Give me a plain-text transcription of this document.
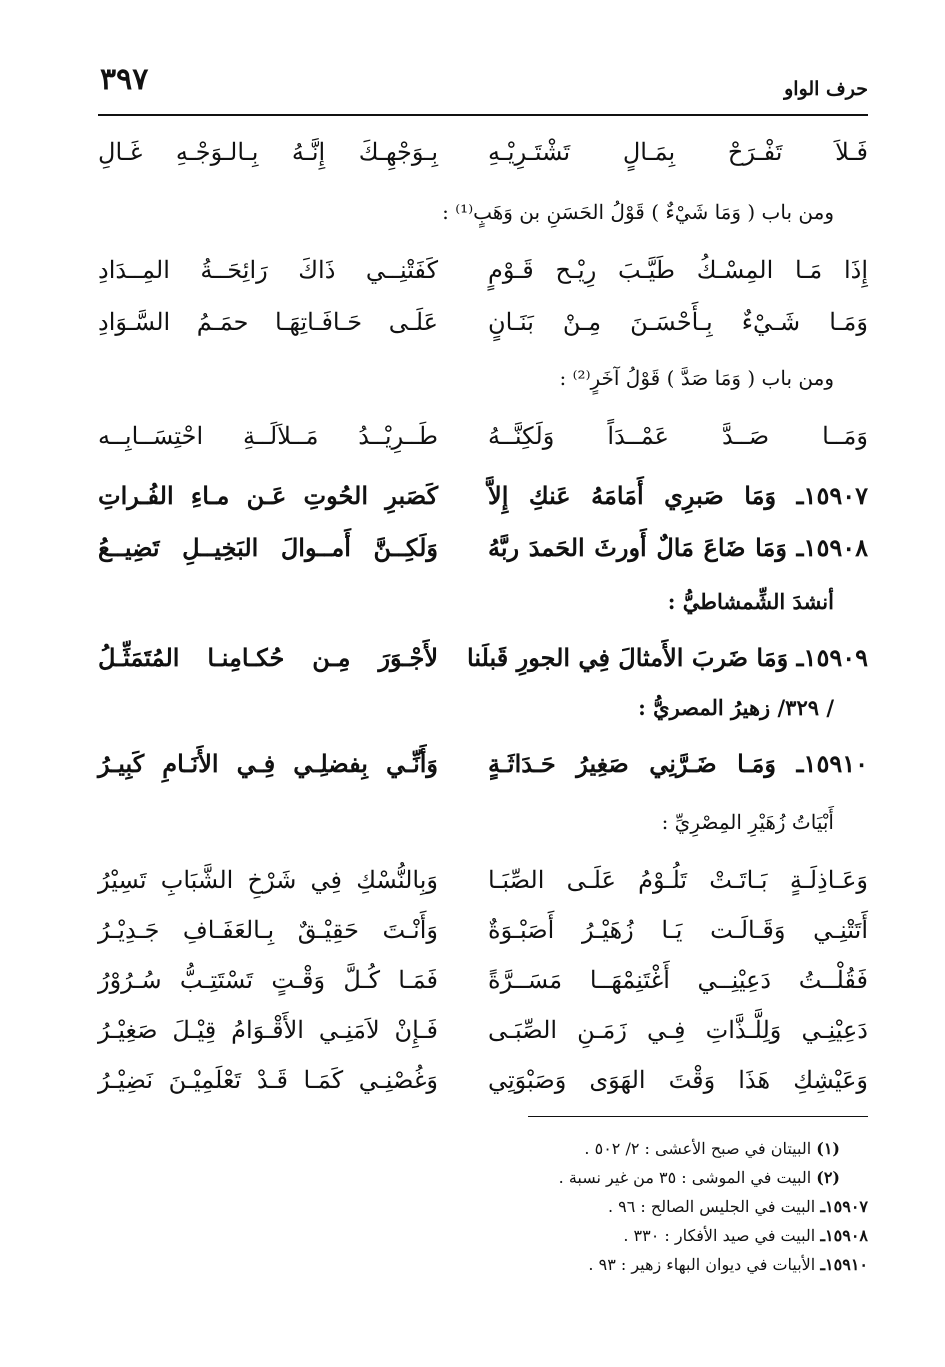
حرف الواو
٣٩٧
فَـلاَ تَفْـرَحْ بِمَـالٍ تَشْتَـرِيْـهِ
بِـوَجْهِـكَ إِنَّـهُ بِـالـوَجْـهِ غَـالِ
ومن باب ( وَمَا شَيْءٌ ) قَوْلُ الحَسَنِ بن وَهَبٍ⁽¹⁾ :
إِذَا مَـا المِسْـكُ طَيَّـبَ رِيْـح قَـوْمٍ
كَفَتْنِــي ذَاكَ رَائِحَــةُ المِــدَادِ
وَمَـا شَـيْءٌ بِـأَحْسَـنَ مِـنْ بَنَـانٍ
عَلَـى حَـافَـاتِهَـا حمَـمُ السَّـوَادِ
ومن باب ( وَمَا صَدَّ ) قَوْلُ آخَرٍ⁽²⁾ :
وَمَــا صَــدَّ عَمْــدَاً وَلَكِنَّــهُ
طَــرِيْــدُ مَــلاَلَــةِ احْتِسَــابِــه
١٥٩٠٧ـ وَمَا صَبرِي أَمَامَهُ عَنكِ إِلاَّ
كَصَبرِ الحُوتِ عَـن مـاءِ الفُـراتِ
١٥٩٠٨ـ وَمَا ضَاعَ مَالٌ أَورثَ الحَمدَ ربَّهُ
وَلَكِــنَّ أَمــوالَ البَخِيــلِ تَضِيــعُ
أنشدَ الشِّمشاطيُّ :
١٥٩٠٩ـ وَمَا ضَربَ الأَمثالَ فِي الجورِ قَبلَنا
لأَجْـوَرَ مِـن حُكـامِنـا المُتَمَثِّـلُ
/ ٣٢٩/ زهيرُ المصريُّ :
١٥٩١٠ـ وَمَـا ضَـرَّنِي صَغِيرُ حَـدَاثَـةٍ
وَأَنِّـي بِفضلِـي فِـي الأَنَـامِ كَبِيـرُ
أَبْيَاتُ زُهَيْرِ المِصْرِيِّ :
وَعَـاذِلَـةٍ بَـاتَـتْ تَلُـوْمُ عَلَـى الصِّبَـا
وَبِالنُّسْكِ فِي شَرْخِ الشَّبَابِ تَسِيْرُ
أَتَتْنِـي وَقَـالَـت يَـا زُهَيْـرُ أَصَبْـوَةٌ
وَأَنْـتَ حَقِيْـقٌ بِـالعَفَـافِ جَـدِيْـرُ
فَقُلْــتُ دَعِيْنِــي أَغْتَنِمْهَــا مَسَــرَّةً
فَمَـا كُـلَّ وَقْـتٍ تَسْتَتِـبُّ سُـرُوْرُ
دَعِيْنِـي وَلِلَّـذَّاتِ فِـي زَمَـنِ الصِّبَـى
فَـإِنْ لاَمَنِـي الأَقْـوَامُ قِيْـلَ صَغِيْـرُ
وَعَيْشِكِ هَذَا وَقْتَ الهَوَى وَصَبْوَتِي
وَغُصْنِـي كَمَـا قَـدْ تَعْلَمِيْـنَ نَضِيْـرُ
(١) البيتان في صبح الأعشى : ٢/ ٥٠٢ .
(٢) البيت في الموشى : ٣٥ من غير نسبة .
١٥٩٠٧ـ البيت في الجليس الصالح : ٩٦ .
١٥٩٠٨ـ البيت في صيد الأفكار : ٣٣٠ .
١٥٩١٠ـ الأبيات في ديوان البهاء زهير : ٩٣ .
